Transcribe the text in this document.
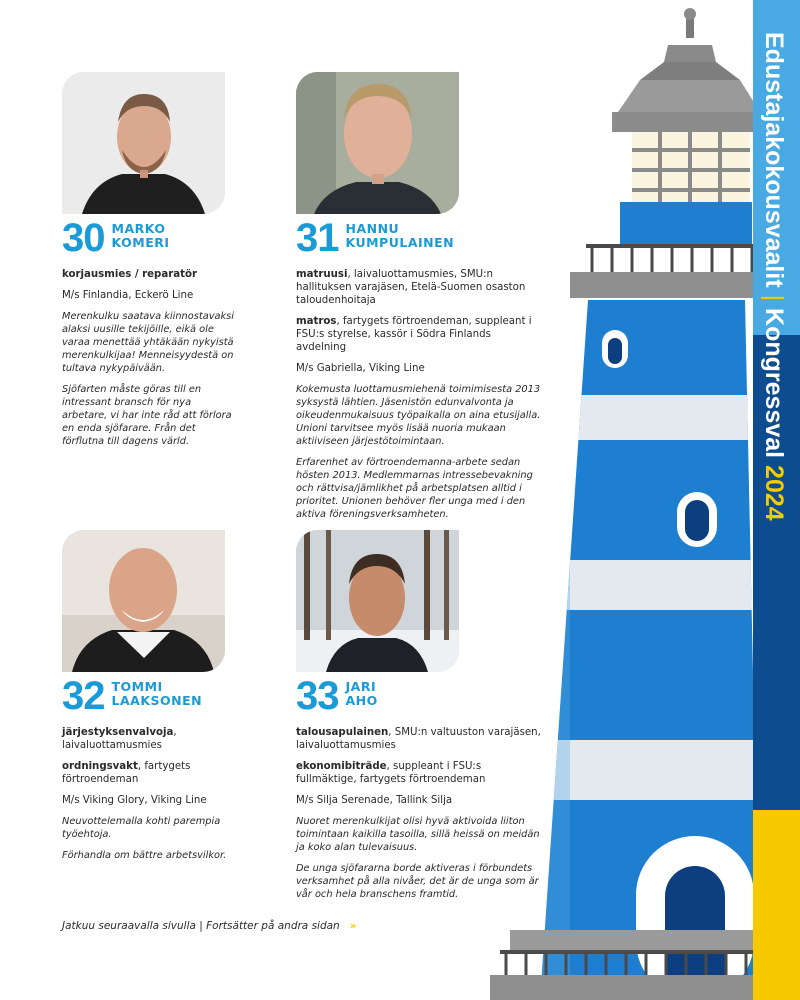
Edustajakokousvaalit | Kongressval 2024
30 MARKO
KOMERI

korjausmies / reparatör

M/s Finlandia, Eckerö Line

Merenkulku saatava kiinnostavaksi alaksi uusille tekijöille, eikä ole varaa menettää yhtäkään nykyistä merenkulkijaa! Menneisyydestä on tultava nykypäivään.

Sjöfarten måste göras till en intressant bransch för nya arbetare, vi har inte råd att förlora en enda sjöfarare. Från det förflutna till dagens värld.

31 HANNU
KUMPULAINEN

matruusi, laivaluottamusmies, SMU:n hallituksen varajäsen, Etelä-Suomen osaston taloudenhoitaja

matros, fartygets förtroendeman, suppleant i FSU:s styrelse, kassör i Södra Finlands avdelning

M/s Gabriella, Viking Line

Kokemusta luottamusmiehenä toimimisesta 2013 syksystä lähtien. Jäsenistön edunvalvonta ja oikeudenmukaisuus työpaikalla on aina etusijalla. Unioni tarvitsee myös lisää nuoria mukaan aktiiviseen järjestötoimintaan.

Erfarenhet av förtroendemanna-arbete sedan hösten 2013. Medlemmarnas intressebevakning och rättvisa/jämlikhet på arbetsplatsen alltid i prioritet. Unionen behöver fler unga med i den aktiva föreningsverksamheten.

32 TOMMI
LAAKSONEN

järjestyksenvalvoja, laivaluottamusmies

ordningsvakt, fartygets förtroendeman

M/s Viking Glory, Viking Line

Neuvottelemalla kohti parempia työehtoja.

Förhandla om bättre arbetsvilkor.

33 JARI
AHO

talousapulainen, SMU:n valtuuston varajäsen, laivaluottamusmies

ekonomibiträde, suppleant i FSU:s fullmäktige, fartygets förtroendeman

M/s Silja Serenade, Tallink Silja

Nuoret merenkulkijat olisi hyvä aktivoida liiton toimintaan kaikilla tasoilla, sillä heissä on meidän ja koko alan tulevaisuus.

De unga sjöfararna borde aktiveras i förbundets verksamhet på alla nivåer, det är de unga som är vår och hela branschens framtid.

Jatkuu seuraavalla sivulla | Fortsätter på andra sidan »
